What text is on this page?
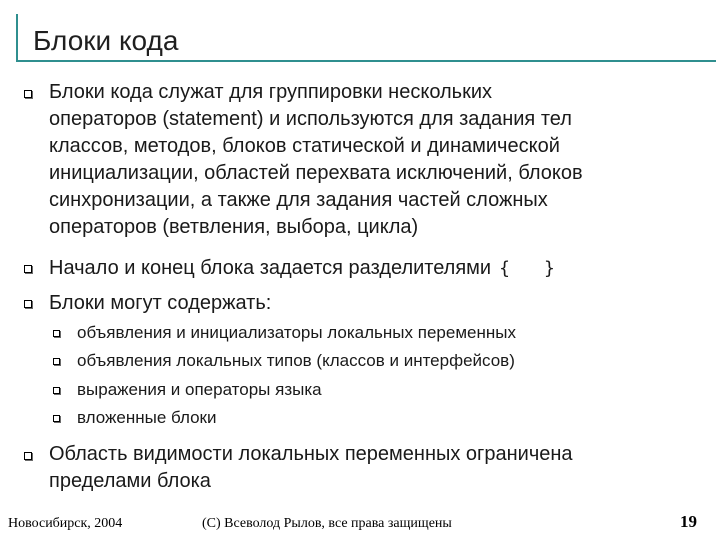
Блоки кода
Блоки кода служат для группировки нескольких
операторов (statement) и используются для задания тел
классов, методов, блоков статической и динамической
инициализации, областей перехвата исключений, блоков
синхронизации, а также для задания частей сложных
операторов (ветвления, выбора, цикла)
Начало и конец блока задается разделителями { }
Блоки могут содержать:
объявления и инициализаторы локальных переменных
объявления локальных типов (классов и интерфейсов)
выражения и операторы языка
вложенные блоки
Область видимости локальных переменных ограничена
пределами блока
Новосибирск, 2004	(C) Всеволод Рылов, все права защищены	19
